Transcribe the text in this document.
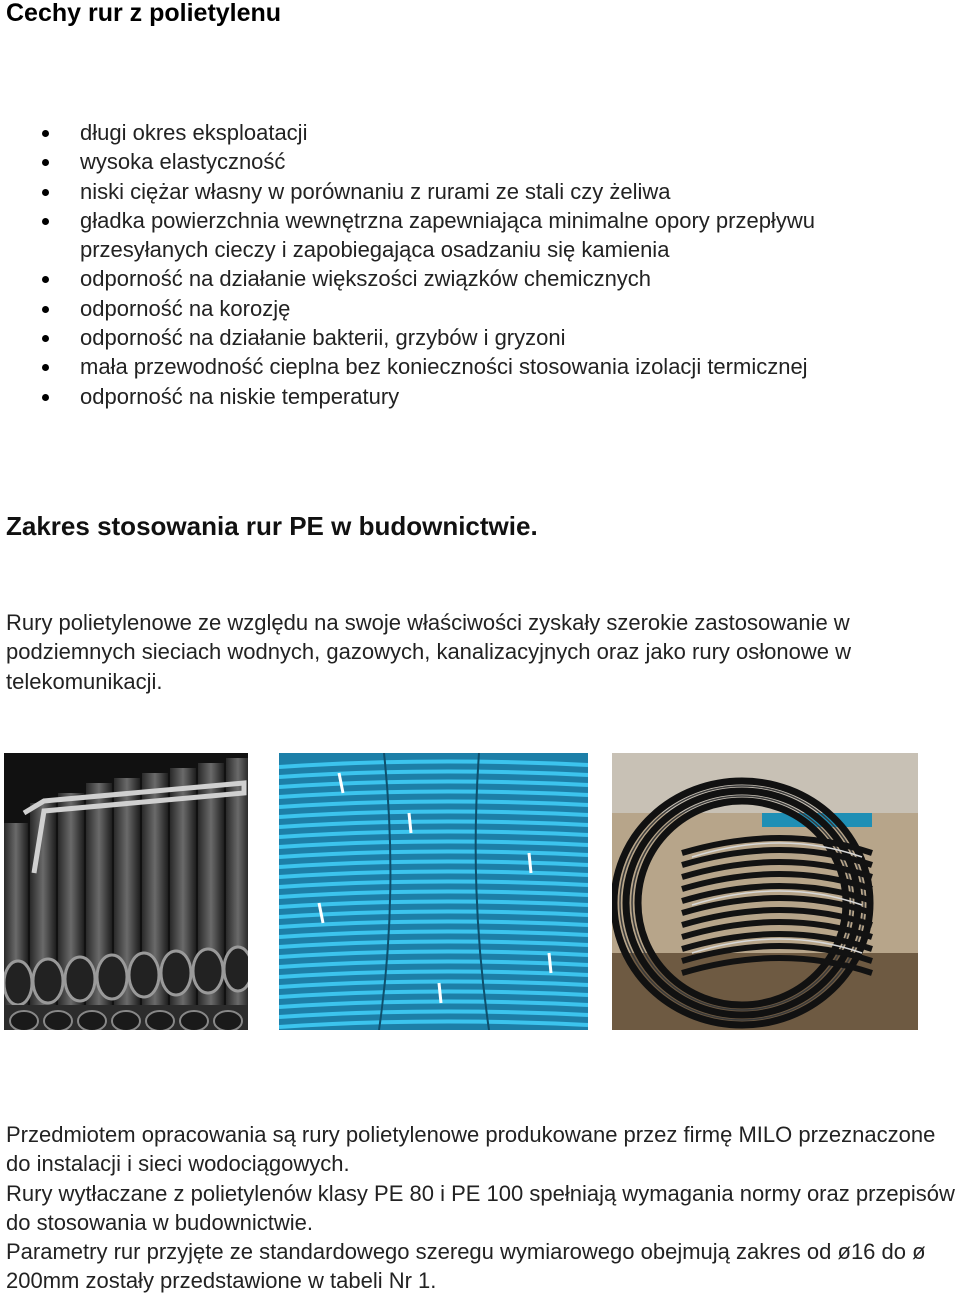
Cechy rur z polietylenu
długi okres eksploatacji
wysoka elastyczność
niski ciężar własny w porównaniu z rurami ze stali czy żeliwa
gładka powierzchnia wewnętrzna zapewniająca minimalne opory przepływu przesyłanych cieczy i zapobiegająca osadzaniu się kamienia
odporność na działanie większości związków chemicznych
odporność na korozję
odporność na działanie bakterii, grzybów i gryzoni
mała przewodność cieplna bez konieczności stosowania izolacji termicznej
odporność na niskie temperatury
Zakres stosowania rur PE w budownictwie.

Rury polietylenowe ze względu na swoje właściwości zyskały szerokie zastosowanie w podziemnych sieciach wodnych, gazowych, kanalizacyjnych oraz jako rury osłonowe w telekomunikacji.

Przedmiotem opracowania są rury polietylenowe produkowane przez firmę MILO przeznaczone do instalacji i sieci wodociągowych.
Rury wytłaczane z polietylenów klasy PE 80 i PE 100 spełniają wymagania normy oraz przepisów do stosowania w budownictwie.
Parametry rur przyjęte ze standardowego szeregu wymiarowego obejmują zakres od ø16 do ø 200mm zostały przedstawione w tabeli Nr 1.
